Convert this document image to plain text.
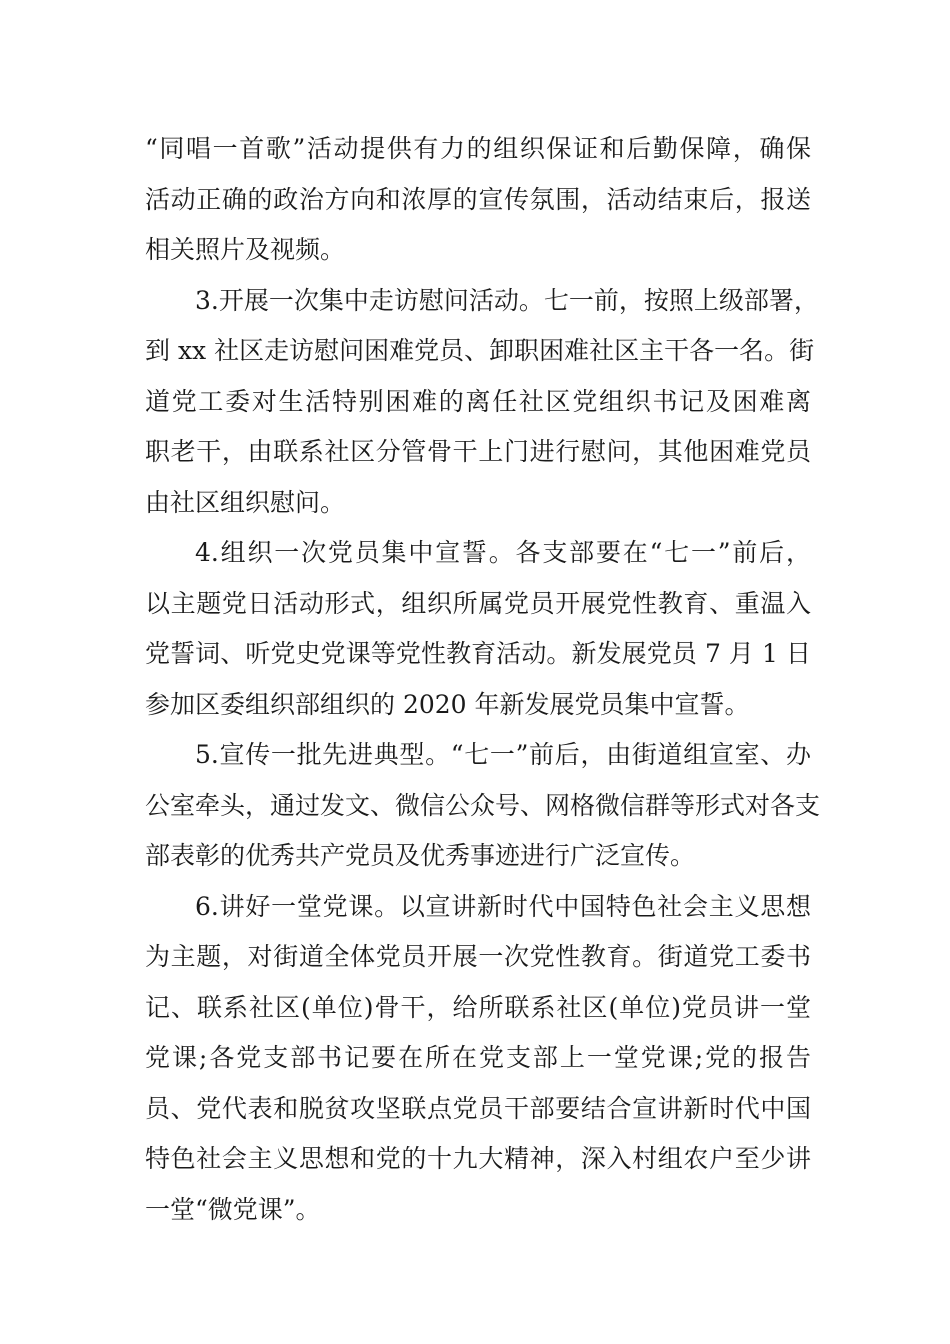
“同唱一首歌”活动提供有力的组织保证和后勤保障，确保
活动正确的政治方向和浓厚的宣传氛围，活动结束后，报送
相关照片及视频。
3.开展一次集中走访慰问活动。七一前，按照上级部署，
到 xx 社区走访慰问困难党员、卸职困难社区主干各一名。街
道党工委对生活特别困难的离任社区党组织书记及困难离
职老干，由联系社区分管骨干上门进行慰问，其他困难党员
由社区组织慰问。
4.组织一次党员集中宣誓。各支部要在“七一”前后，
以主题党日活动形式，组织所属党员开展党性教育、重温入
党誓词、听党史党课等党性教育活动。新发展党员 7 月 1 日
参加区委组织部组织的 2020 年新发展党员集中宣誓。
5.宣传一批先进典型。“七一”前后，由街道组宣室、办
公室牵头，通过发文、微信公众号、网格微信群等形式对各支
部表彰的优秀共产党员及优秀事迹进行广泛宣传。
6.讲好一堂党课。以宣讲新时代中国特色社会主义思想
为主题，对街道全体党员开展一次党性教育。街道党工委书
记、联系社区(单位)骨干，给所联系社区(单位)党员讲一堂
党课;各党支部书记要在所在党支部上一堂党课;党的报告
员、党代表和脱贫攻坚联点党员干部要结合宣讲新时代中国
特色社会主义思想和党的十九大精神，深入村组农户至少讲
一堂“微党课”。
